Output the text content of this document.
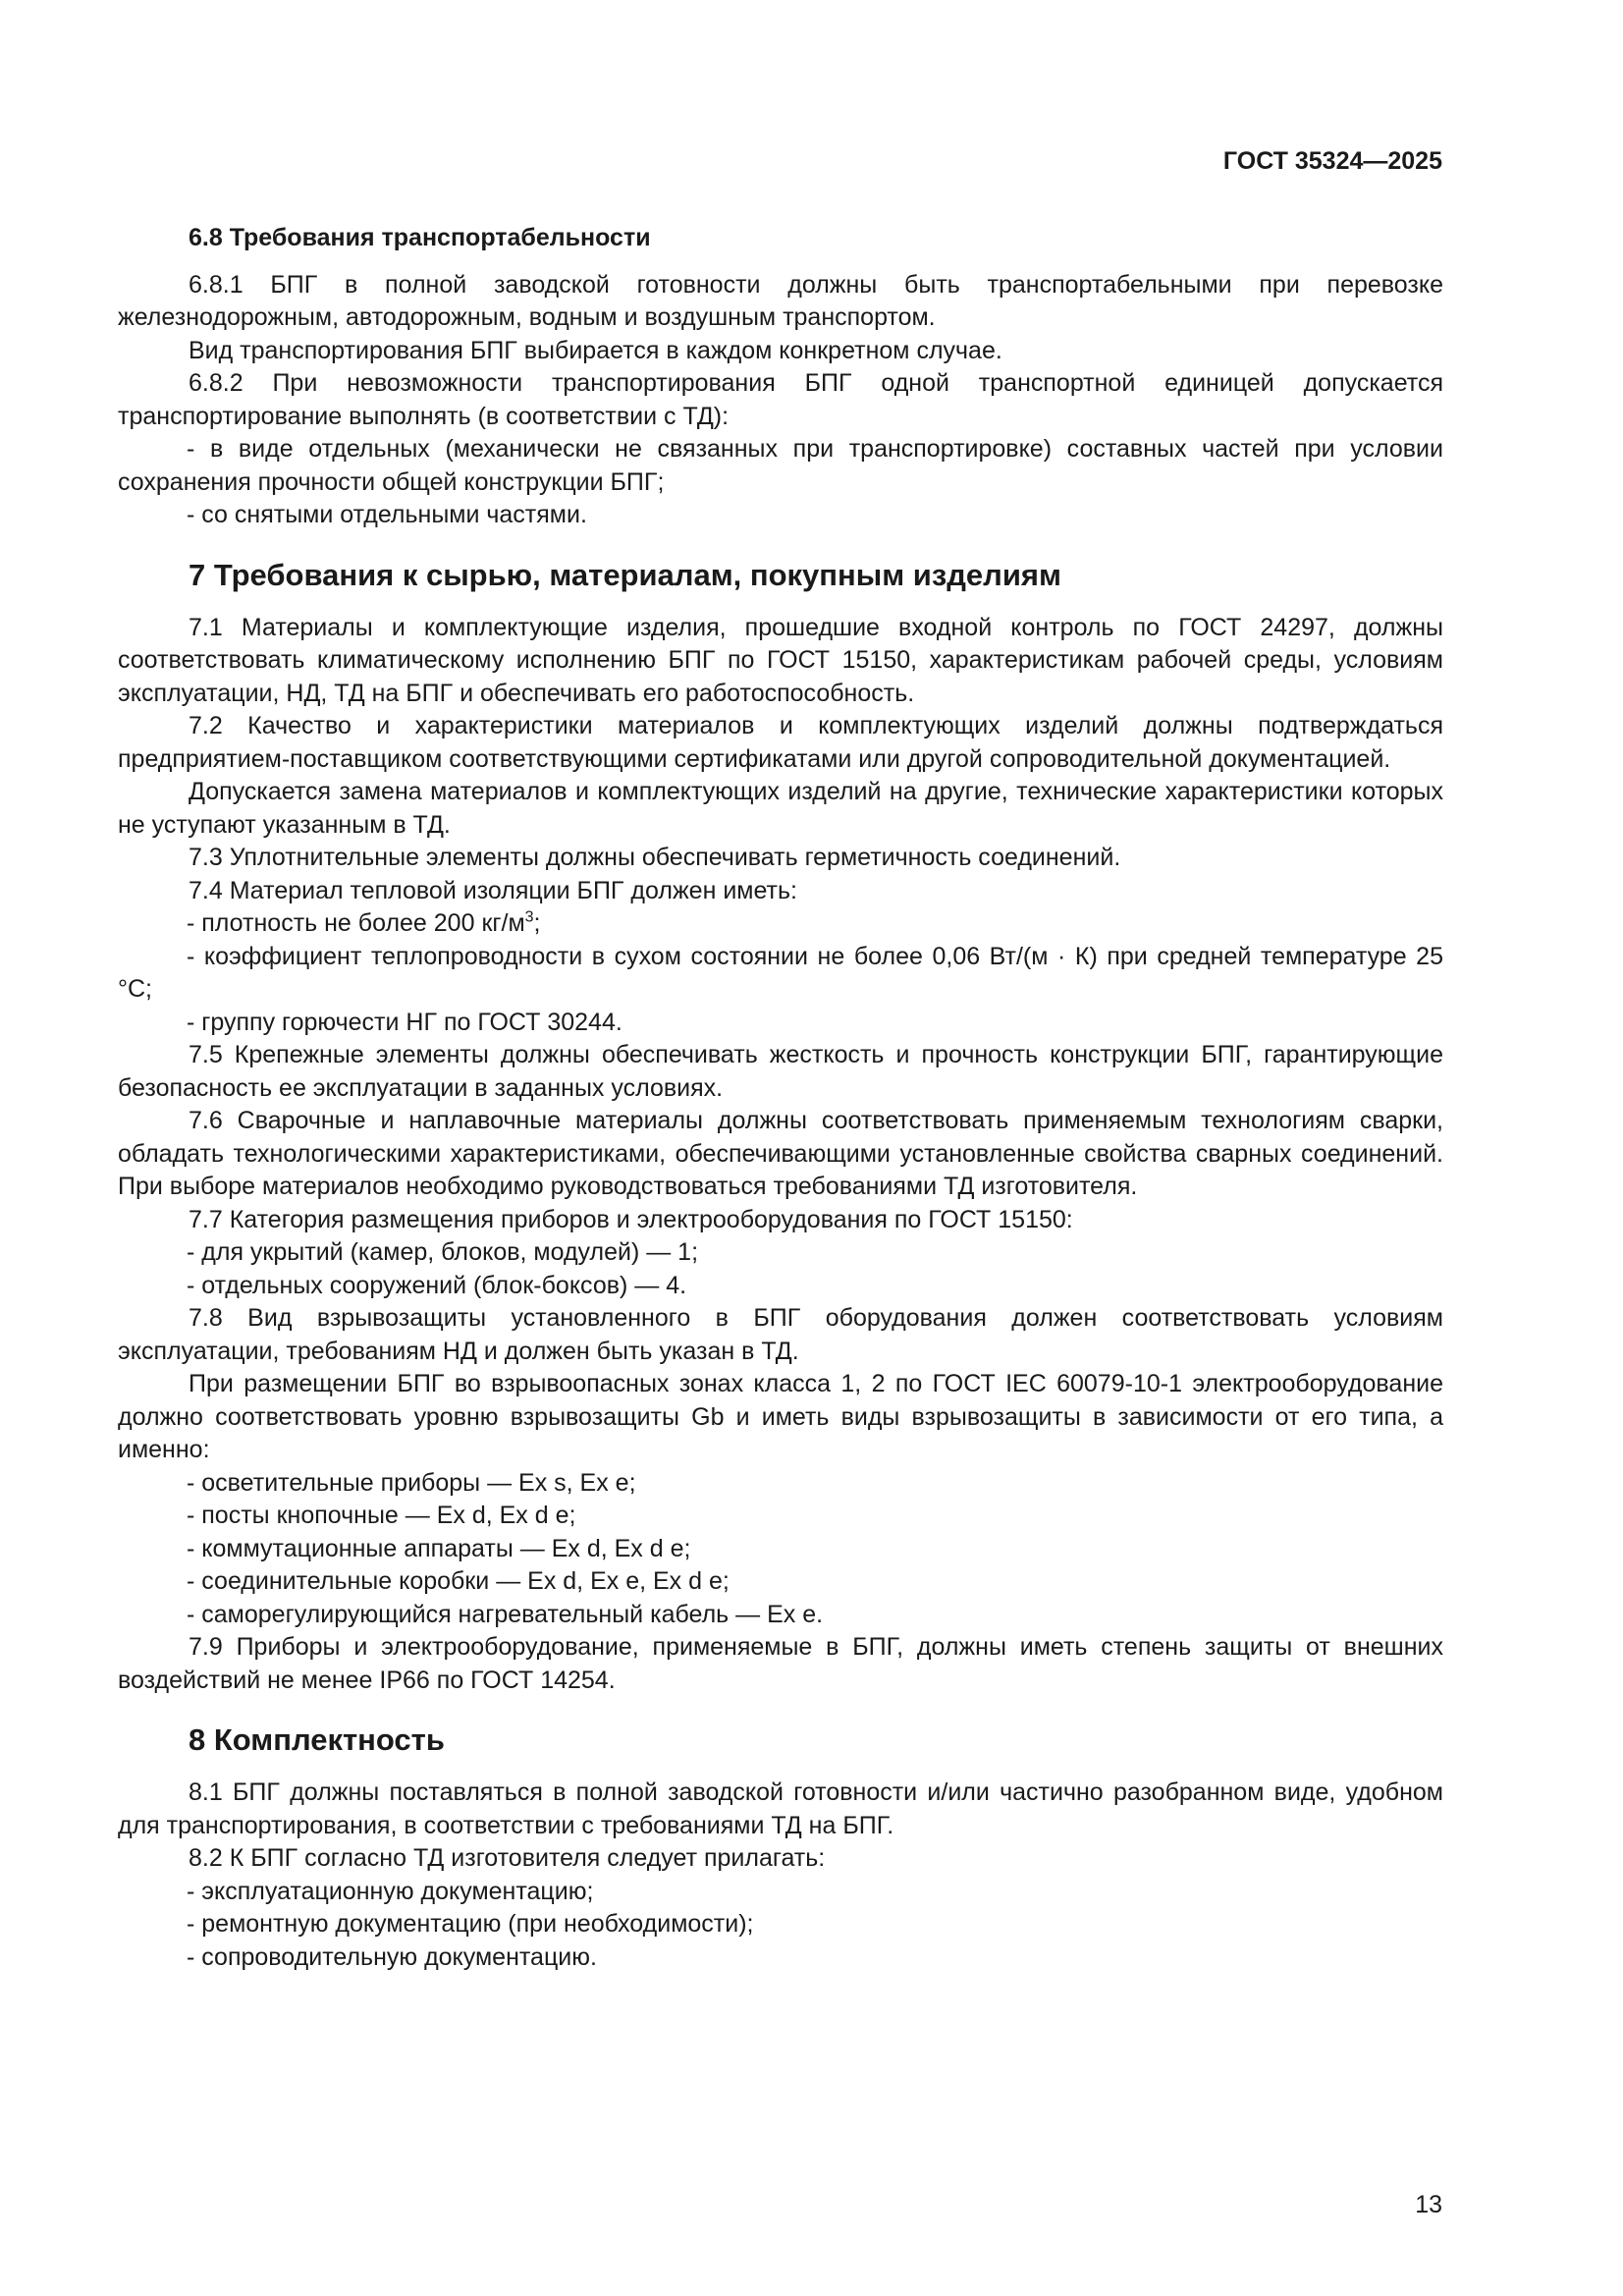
ГОСТ 35324—2025
6.8 Требования транспортабельности

6.8.1 БПГ в полной заводской готовности должны быть транспортабельными при перевозке железнодорожным, автодорожным, водным и воздушным транспортом.

Вид транспортирования БПГ выбирается в каждом конкретном случае.

6.8.2 При невозможности транспортирования БПГ одной транспортной единицей допускается транспортирование выполнять (в соответствии с ТД):

- в виде отдельных (механически не связанных при транспортировке) составных частей при условии сохранения прочности общей конструкции БПГ;

- со снятыми отдельными частями.

7 Требования к сырью, материалам, покупным изделиям

7.1 Материалы и комплектующие изделия, прошедшие входной контроль по ГОСТ 24297, должны соответствовать климатическому исполнению БПГ по ГОСТ 15150, характеристикам рабочей среды, условиям эксплуатации, НД, ТД на БПГ и обеспечивать его работоспособность.

7.2 Качество и характеристики материалов и комплектующих изделий должны подтверждаться предприятием-поставщиком соответствующими сертификатами или другой сопроводительной документацией.

Допускается замена материалов и комплектующих изделий на другие, технические характеристики которых не уступают указанным в ТД.

7.3 Уплотнительные элементы должны обеспечивать герметичность соединений.

7.4 Материал тепловой изоляции БПГ должен иметь:

- плотность не более 200 $кг/м^3$;

- коэффициент теплопроводности в сухом состоянии не более 0,06 Вт/(м · К) при средней температуре 25 °С;

- группу горючести НГ по ГОСТ 30244.

7.5 Крепежные элементы должны обеспечивать жесткость и прочность конструкции БПГ, гарантирующие безопасность ее эксплуатации в заданных условиях.

7.6 Сварочные и наплавочные материалы должны соответствовать применяемым технологиям сварки, обладать технологическими характеристиками, обеспечивающими установленные свойства сварных соединений. При выборе материалов необходимо руководствоваться требованиями ТД изготовителя.

7.7 Категория размещения приборов и электрооборудования по ГОСТ 15150:

- для укрытий (камер, блоков, модулей) — 1;

- отдельных сооружений (блок-боксов) — 4.

7.8 Вид взрывозащиты установленного в БПГ оборудования должен соответствовать условиям эксплуатации, требованиям НД и должен быть указан в ТД.

При размещении БПГ во взрывоопасных зонах класса 1, 2 по ГОСТ IEC 60079-10-1 электрооборудование должно соответствовать уровню взрывозащиты Gb и иметь виды взрывозащиты в зависимости от его типа, а именно:

- осветительные приборы — Ex s, Ex e;

- посты кнопочные — Ex d, Ex d e;

- коммутационные аппараты — Ex d, Ex d e;

- соединительные коробки — Ex d, Ex e, Ex d e;

- саморегулирующийся нагревательный кабель — Ex e.

7.9 Приборы и электрооборудование, применяемые в БПГ, должны иметь степень защиты от внешних воздействий не менее IP66 по ГОСТ 14254.

8 Комплектность

8.1 БПГ должны поставляться в полной заводской готовности и/или частично разобранном виде, удобном для транспортирования, в соответствии с требованиями ТД на БПГ.

8.2 К БПГ согласно ТД изготовителя следует прилагать:

- эксплуатационную документацию;

- ремонтную документацию (при необходимости);

- сопроводительную документацию.

13
